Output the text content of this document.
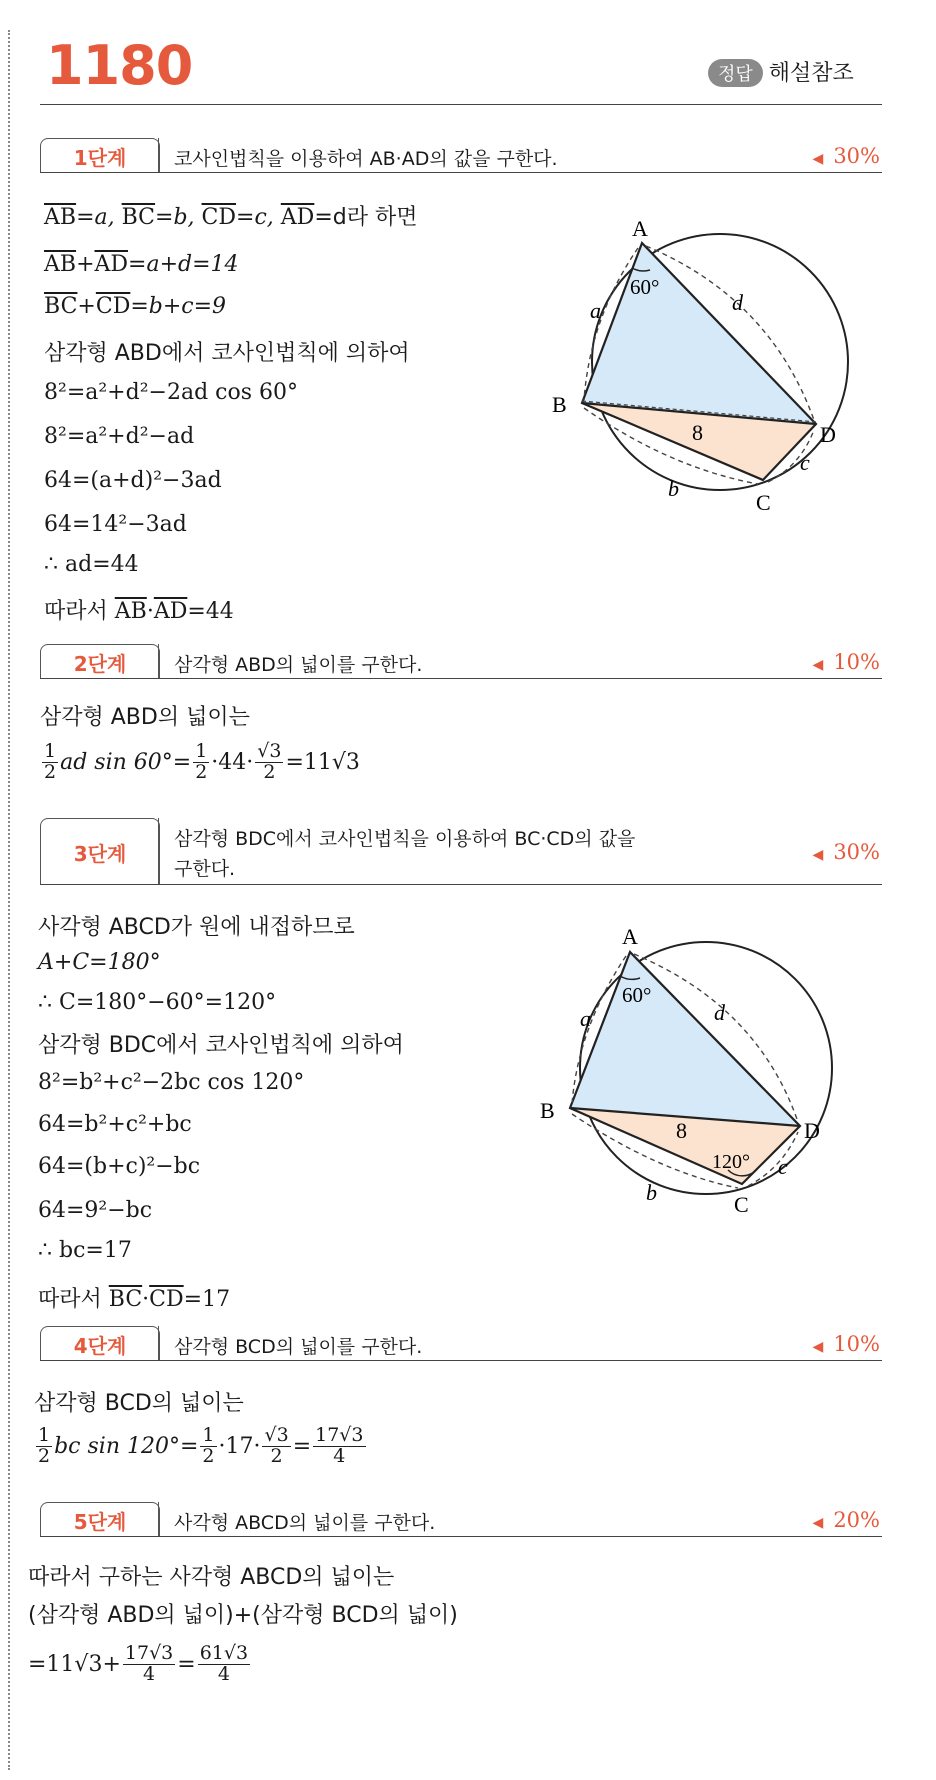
1180	정답 해설참조
1단계	코사인법칙을 이용하여 AB·AD의 값을 구한다.	◀ 30%
$\overline{AB}=a$, $\overline{BC}=b$, $\overline{CD}=c$, $\overline{AD}=d$라 하면
$\overline{AB}+\overline{AD}=a+d=14$
$\overline{BC}+\overline{CD}=b+c=9$
삼각형 ABD에서 코사인법칙에 의하여
8²=a²+d²−2ad cos 60°
8²=a²+d²−ad
64=(a+d)²−3ad
64=14²−3ad
∴ ad=44
따라서 $\overline{AB}\cdot\overline{AD}=44$
A
B
C
D
a
b
c
d
60°
8
2단계	삼각형 ABD의 넓이를 구한다.	◀ 10%
삼각형 ABD의 넓이는
1
2 ad $\sin 60^\circ= \frac{1}{2} \cdot 44\cdot \frac{√3}{2} =11√3$
3단계
삼각형 BDC에서 코사인법칙을 이용하여 BC·CD의 값을
구한다.
◀ 30%
사각형 ABCD가 원에 내접하므로
A+C=180°
∴ C=180°−60°=120°
삼각형 BDC에서 코사인법칙에 의하여
8²=b²+c²−2bc cos 120°
64=b²+c²+bc
64=(b+c)²−bc
64=9²−bc
∴ bc=17
따라서 $\overline{BC}\cdot\overline{CD}=17$
A
B
C
D
a
b
c
d
60°
120°
8
4단계	삼각형 BCD의 넓이를 구한다.	◀ 10%
삼각형 BCD의 넓이는
1
2 bc $\sin 120^\circ= \frac{1}{2} \cdot 17\cdot \frac{√3}{2} = \frac{17√3}{4}$
5단계	사각형 ABCD의 넓이를 구한다.	◀ 20%
따라서 구하는 사각형 ABCD의 넓이는
(삼각형 ABD의 넓이)+(삼각형 BCD의 넓이)
$=11√3+ \frac{17√3}{4} = \frac{61√3}{4}$
